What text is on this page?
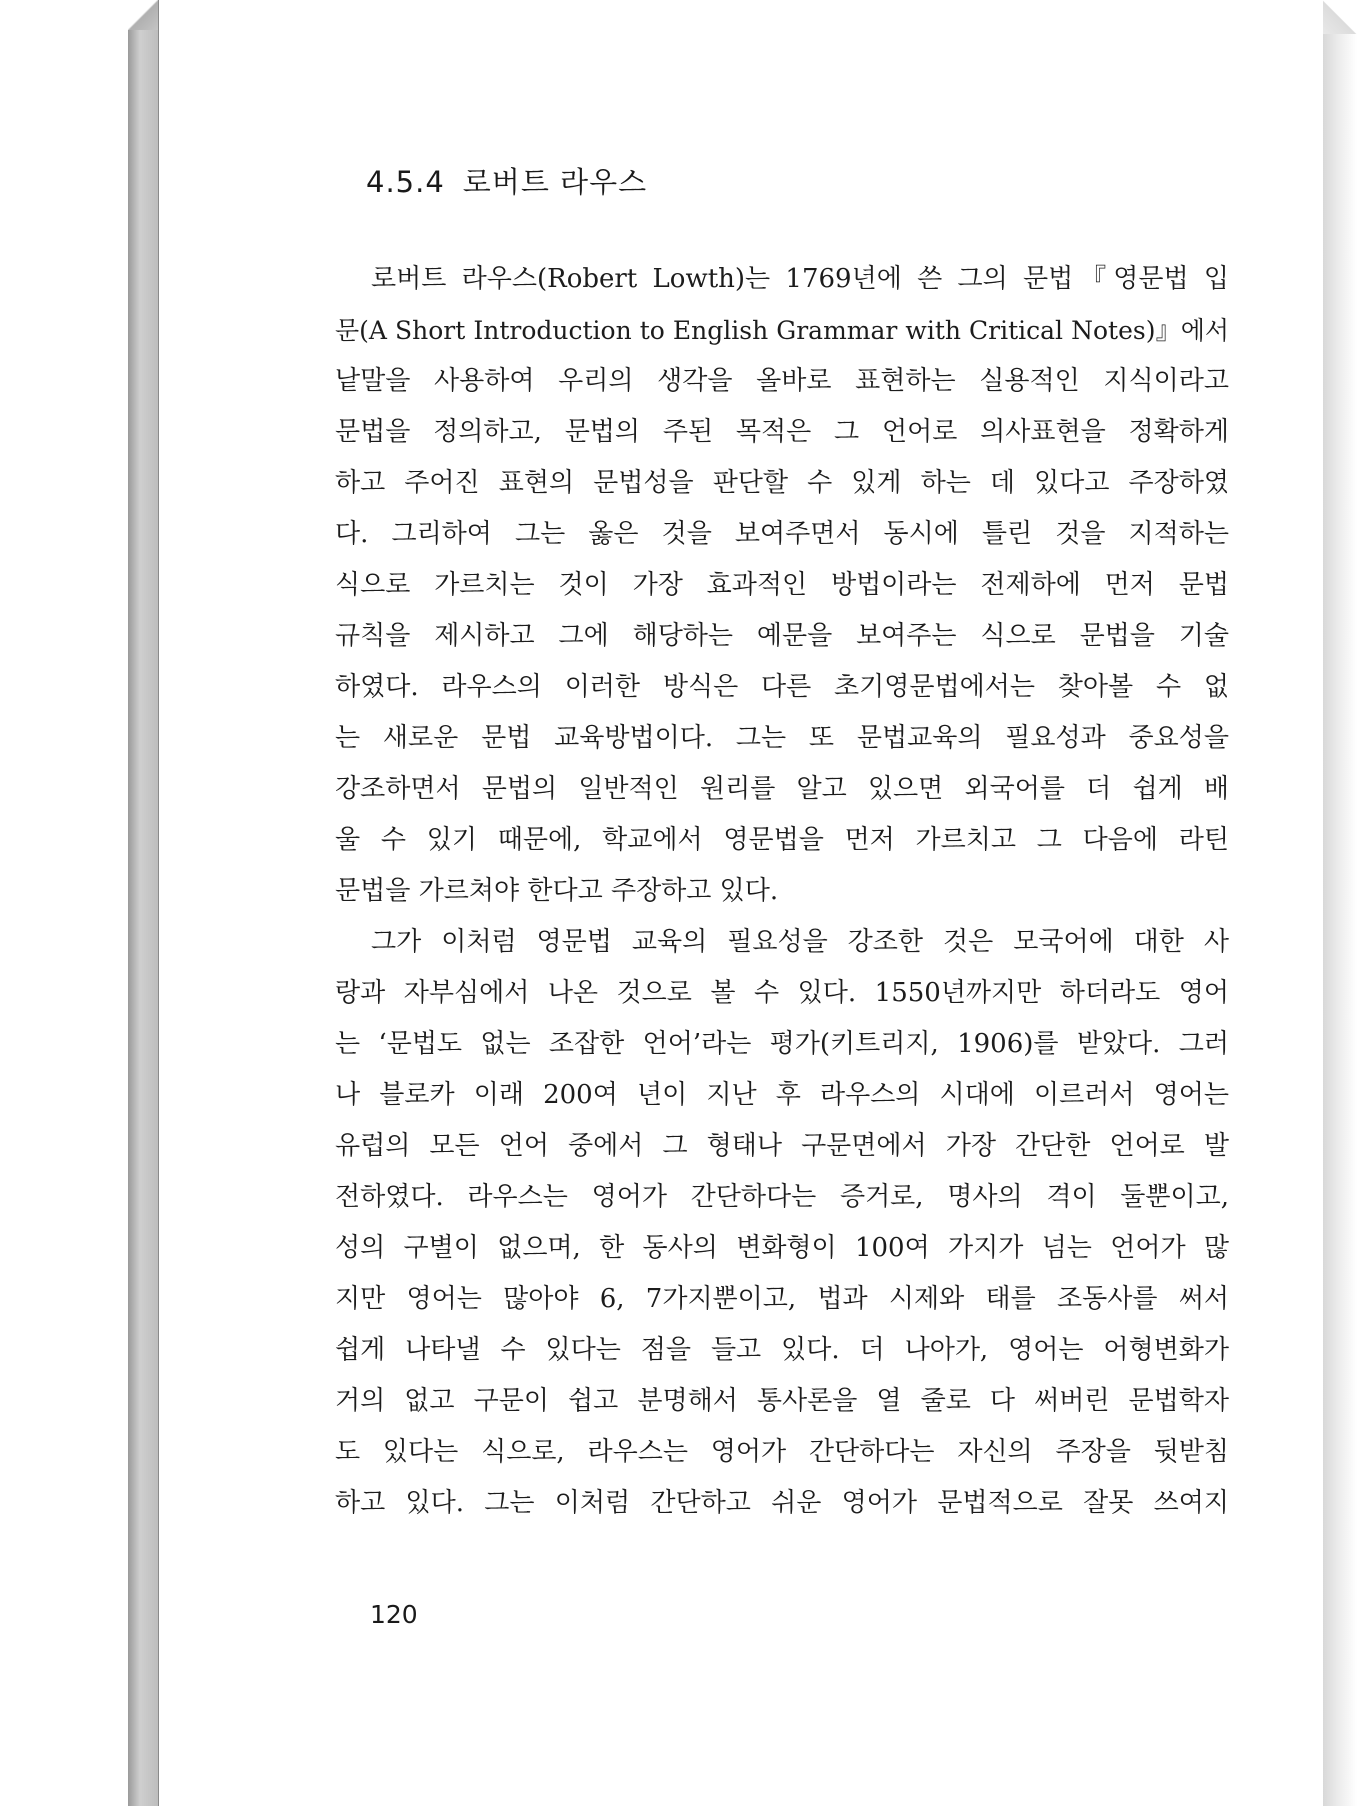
4.5.4 로버트 라우스
로버트 라우스(Robert Lowth)는 1769년에 쓴 그의 문법『영문법 입
문(A Short Introduction to English Grammar with Critical Notes)』에서
낱말을 사용하여 우리의 생각을 올바로 표현하는 실용적인 지식이라고
문법을 정의하고, 문법의 주된 목적은 그 언어로 의사표현을 정확하게
하고 주어진 표현의 문법성을 판단할 수 있게 하는 데 있다고 주장하였
다. 그리하여 그는 옳은 것을 보여주면서 동시에 틀린 것을 지적하는
식으로 가르치는 것이 가장 효과적인 방법이라는 전제하에 먼저 문법
규칙을 제시하고 그에 해당하는 예문을 보여주는 식으로 문법을 기술
하였다. 라우스의 이러한 방식은 다른 초기영문법에서는 찾아볼 수 없
는 새로운 문법 교육방법이다. 그는 또 문법교육의 필요성과 중요성을
강조하면서 문법의 일반적인 원리를 알고 있으면 외국어를 더 쉽게 배
울 수 있기 때문에, 학교에서 영문법을 먼저 가르치고 그 다음에 라틴
문법을 가르쳐야 한다고 주장하고 있다.
그가 이처럼 영문법 교육의 필요성을 강조한 것은 모국어에 대한 사
랑과 자부심에서 나온 것으로 볼 수 있다. 1550년까지만 하더라도 영어
는 ‘문법도 없는 조잡한 언어’라는 평가(키트리지, 1906)를 받았다. 그러
나 블로카 이래 200여 년이 지난 후 라우스의 시대에 이르러서 영어는
유럽의 모든 언어 중에서 그 형태나 구문면에서 가장 간단한 언어로 발
전하였다. 라우스는 영어가 간단하다는 증거로, 명사의 격이 둘뿐이고,
성의 구별이 없으며, 한 동사의 변화형이 100여 가지가 넘는 언어가 많
지만 영어는 많아야 6, 7가지뿐이고, 법과 시제와 태를 조동사를 써서
쉽게 나타낼 수 있다는 점을 들고 있다. 더 나아가, 영어는 어형변화가
거의 없고 구문이 쉽고 분명해서 통사론을 열 줄로 다 써버린 문법학자
도 있다는 식으로, 라우스는 영어가 간단하다는 자신의 주장을 뒷받침
하고 있다. 그는 이처럼 간단하고 쉬운 영어가 문법적으로 잘못 쓰여지
120
